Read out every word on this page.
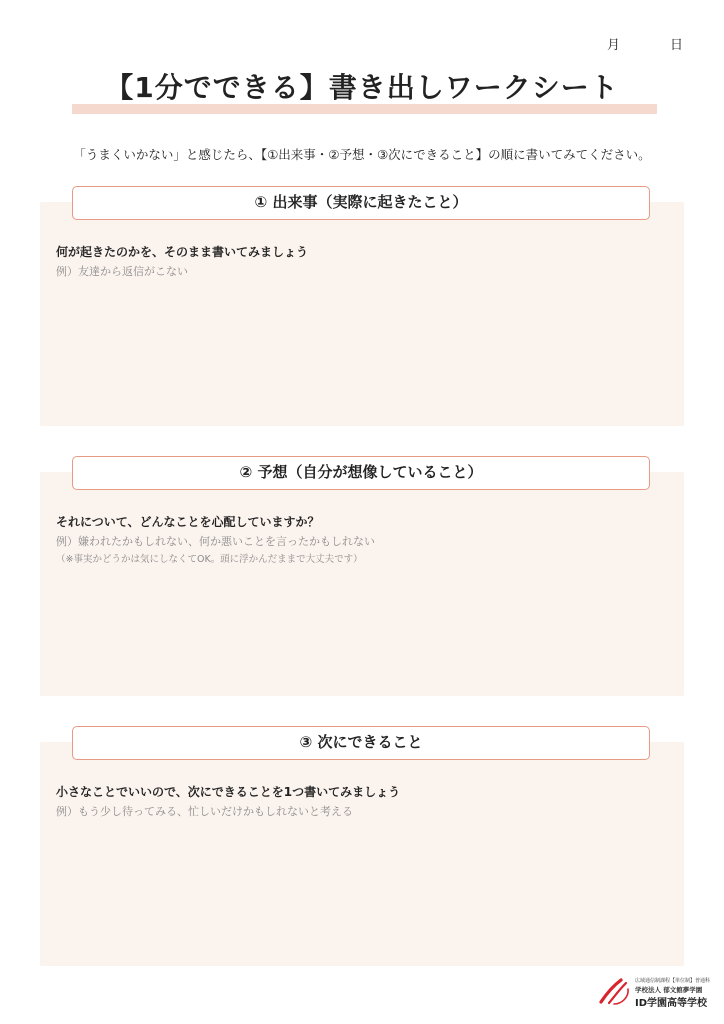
月	日
【1分でできる】書き出しワークシート
「うまくいかない」と感じたら、【①出来事・②予想・③次にできること】の順に書いてみてください。
① 出来事（実際に起きたこと）
何が起きたのかを、そのまま書いてみましょう
例）友達から返信がこない
② 予想（自分が想像していること）
それについて、どんなことを心配していますか？
例）嫌われたかもしれない、何か悪いことを言ったかもしれない
（※事実かどうかは気にしなくてOK。頭に浮かんだままで大丈夫です）
③ 次にできること
小さなことでいいので、次にできることを1つ書いてみましょう
例）もう少し待ってみる、忙しいだけかもしれないと考える
広域通信制課程【単位制】普通科
学校法人 郁文館夢学園
ID学園高等学校
